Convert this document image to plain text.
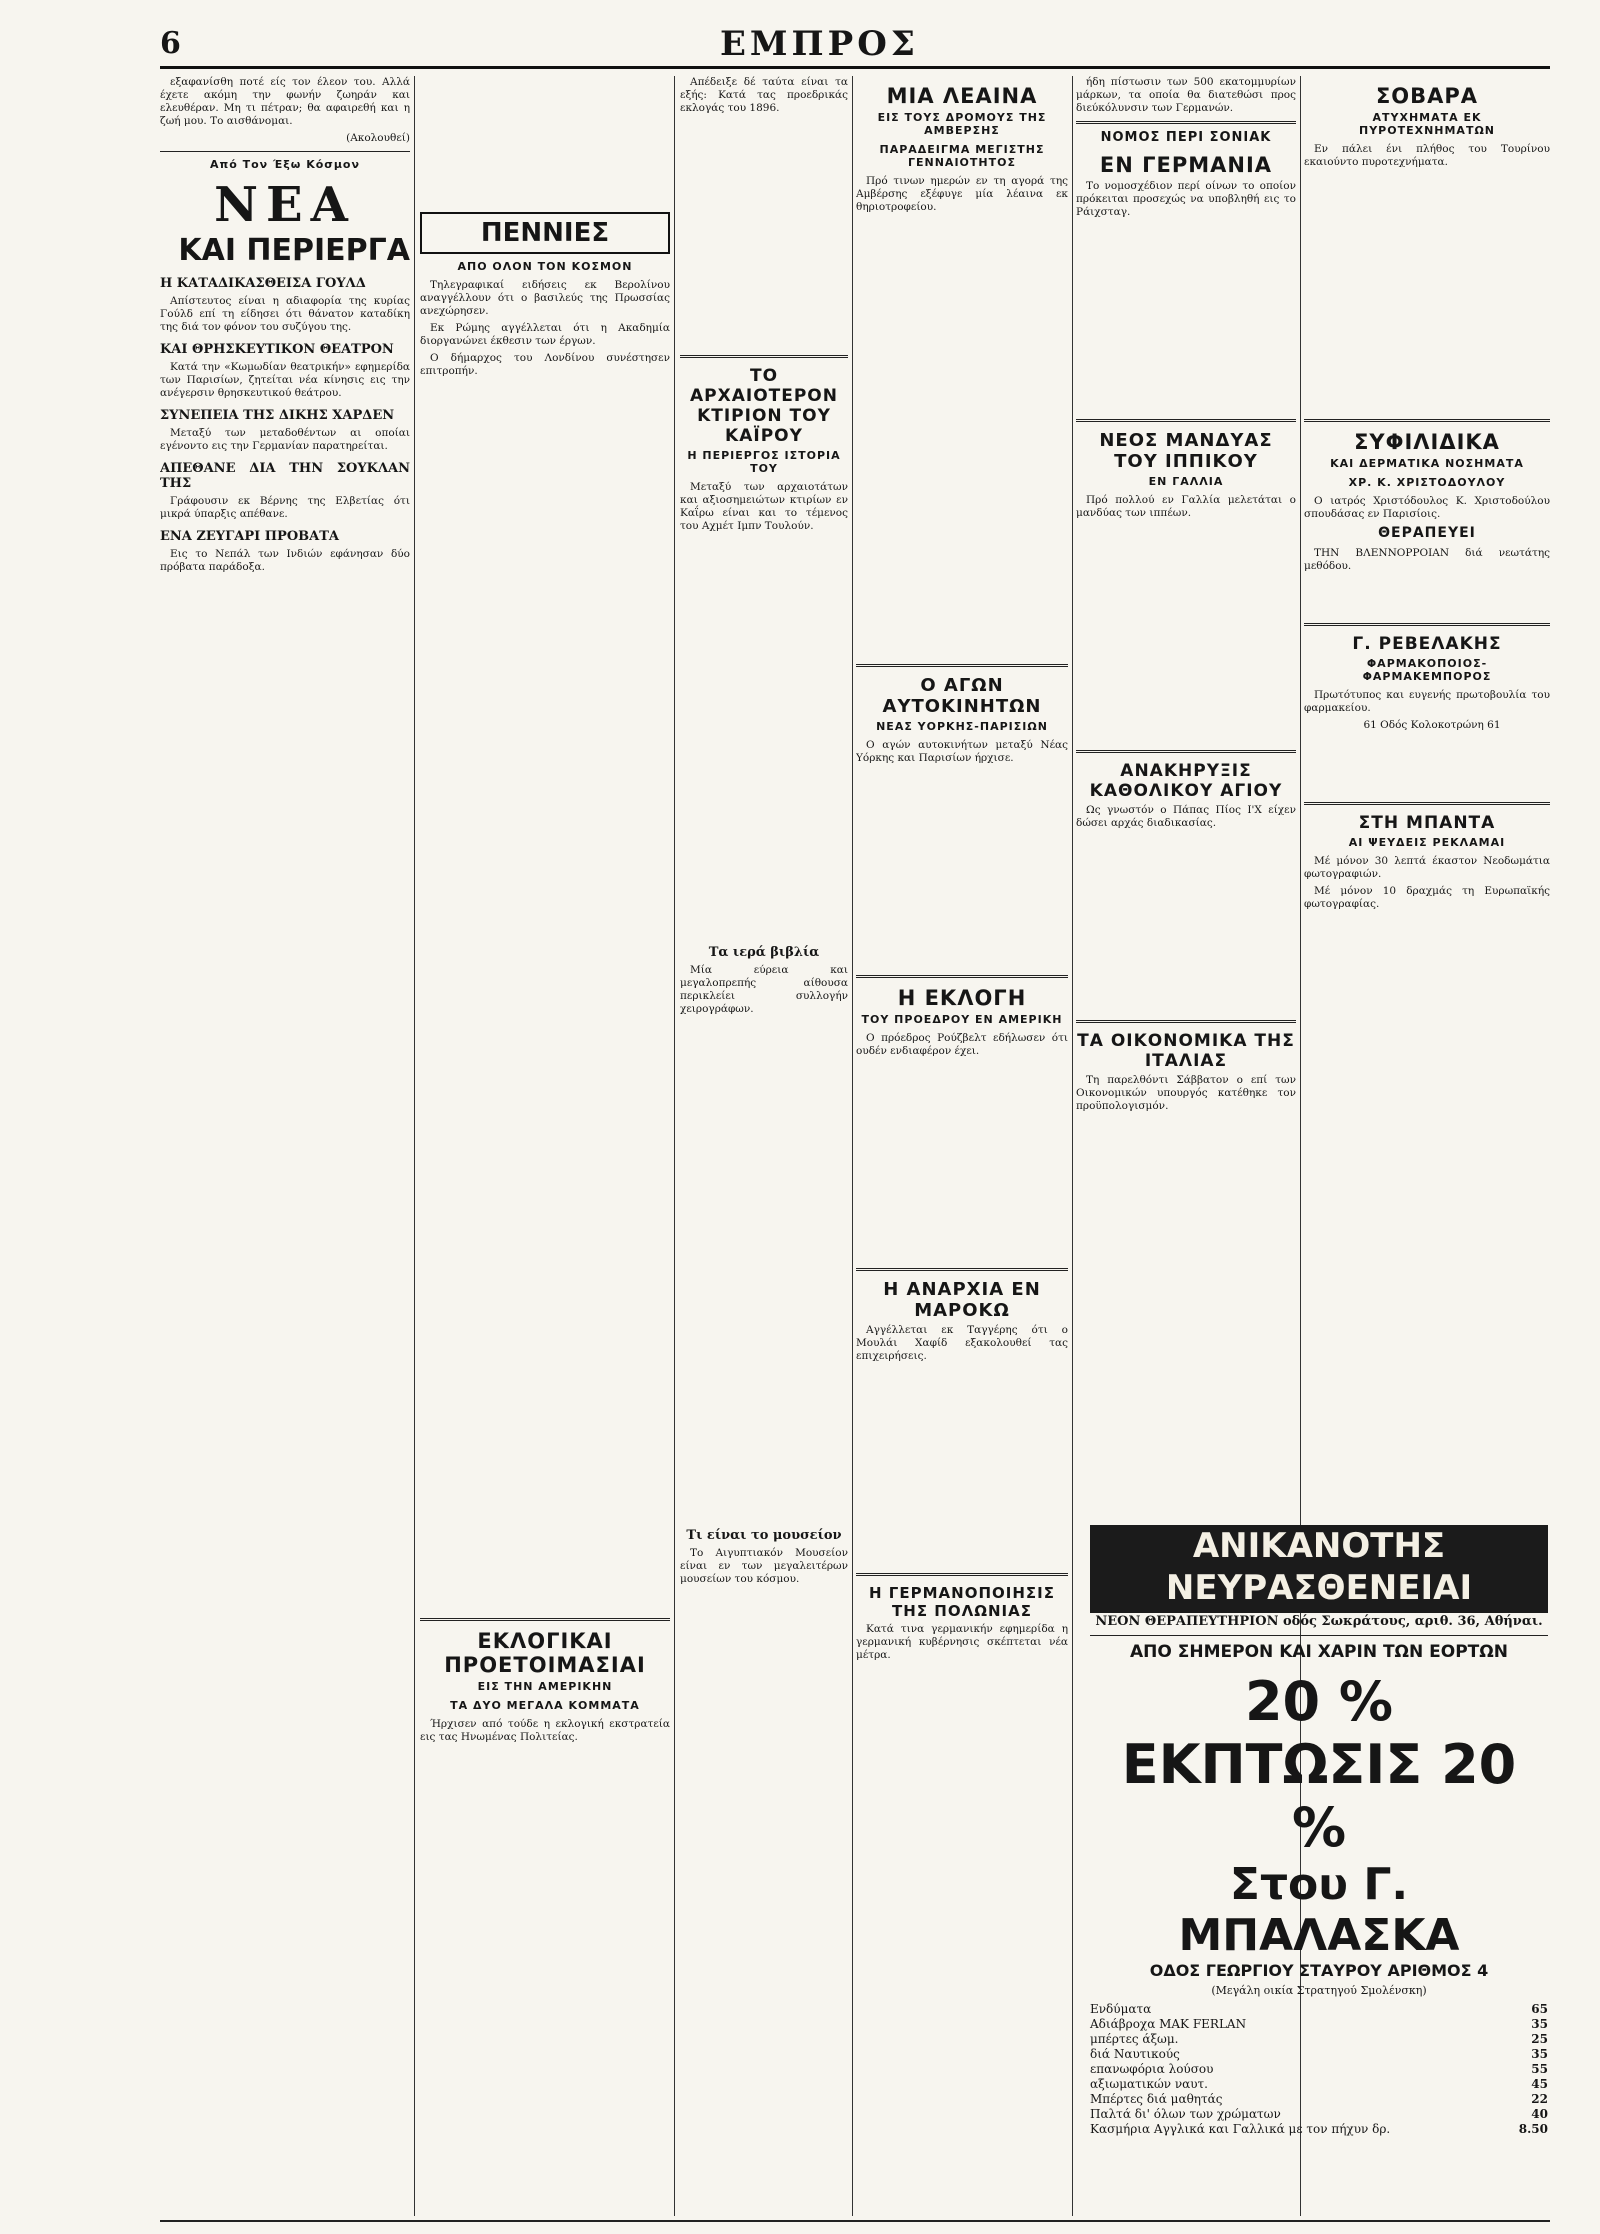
6	ΕΜΠΡΟΣ

εξαφανίσθη ποτέ είς τον έλεον του. Αλλά έχετε ακόμη την φωνήν ζωηράν και ελευθέραν. Μη τι πέτραν; θα αφαιρεθή και η ζωή μου. Το αισθάνομαι.

(Ακολουθεί)

Από Τον Έξω Κόσμον
ΝΕΑ
ΚΑΙ ΠΕΡΙΕΡΓΑ

Η ΚΑΤΑΔΙΚΑΣΘΕΙΣΑ ΓΟΥΛΔ

Απίστευτος είναι η αδιαφορία της κυρίας Γούλδ επί τη είδησει ότι θάνατον καταδίκη της διά τον φόνον του συζύγου της.

ΚΑΙ ΘΡΗΣΚΕΥΤΙΚΟΝ ΘΕΑΤΡΟΝ

Κατά την «Κωμωδίαν θεατρικήν» εφημερίδα των Παρισίων, ζητείται νέα κίνησις εις την ανέγερσιν θρησκευτικού θεάτρου.

ΣΥΝΕΠΕΙΑ ΤΗΣ ΔΙΚΗΣ ΧΑΡΔΕΝ

Μεταξύ των μεταδοθέντων αι οποίαι εγένοντο εις την Γερμανίαν παρατηρείται.

ΑΠΕΘΑΝΕ ΔΙΑ ΤΗΝ ΣΟΥΚΛΑΝ ΤΗΣ

Γράφουσιν εκ Βέρνης της Ελβετίας ότι μικρά ύπαρξις απέθανε.

ΕΝΑ ΖΕΥΓΑΡΙ ΠΡΟΒΑΤΑ

Εις το Νεπάλ των Ινδιών εφάνησαν δύο πρόβατα παράδοξα.

ΠΕΝΝΙΕΣ
ΑΠΟ ΟΛΟΝ ΤΟΝ ΚΟΣΜΟΝ

Τηλεγραφικαί ειδήσεις εκ Βερολίνου αναγγέλλουν ότι ο βασιλεύς της Πρωσσίας ανεχώρησεν.

Εκ Ρώμης αγγέλλεται ότι η Ακαδημία διοργανώνει έκθεσιν των έργων.

Ο δήμαρχος του Λονδίνου συνέστησεν επιτροπήν.

ΕΚΛΟΓΙΚΑΙ ΠΡΟΕΤΟΙΜΑΣΙΑΙ
ΕΙΣ ΤΗΝ ΑΜΕΡΙΚΗΝ
ΤΑ ΔΥΟ ΜΕΓΑΛΑ ΚΟΜΜΑΤΑ

Ήρχισεν από τούδε η εκλογική εκστρατεία εις τας Ηνωμένας Πολιτείας.

Απέδειξε δέ ταύτα είναι τα εξής: Κατά τας προεδρικάς εκλογάς του 1896.

ΤΟ ΑΡΧΑΙΟΤΕΡΟΝ ΚΤΙΡΙΟΝ ΤΟΥ ΚΑΪΡΟΥ
Η ΠΕΡΙΕΡΓΟΣ ΙΣΤΟΡΙΑ ΤΟΥ

Μεταξύ των αρχαιοτάτων και αξιοσημειώτων κτιρίων εν Καΐρω είναι και το τέμενος του Αχμέτ Ιμπν Τουλούν.

Τα ιερά βιβλία

Μία εύρεια και μεγαλοπρεπής αίθουσα περικλείει συλλογήν χειρογράφων.

Τι είναι το μουσείον

Το Αιγυπτιακόν Μουσείον είναι εν των μεγαλειτέρων μουσείων του κόσμου.

ΜΙΑ ΛΕΑΙΝΑ
ΕΙΣ ΤΟΥΣ ΔΡΟΜΟΥΣ ΤΗΣ ΑΜΒΕΡΣΗΣ
ΠΑΡΑΔΕΙΓΜΑ ΜΕΓΙΣΤΗΣ ΓΕΝΝΑΙΟΤΗΤΟΣ

Πρό τινων ημερών εν τη αγορά της Αμβέρσης εξέφυγε μία λέαινα εκ θηριοτροφείου.

Ο ΑΓΩΝ ΑΥΤΟΚΙΝΗΤΩΝ
ΝΕΑΣ ΥΟΡΚΗΣ-ΠΑΡΙΣΙΩΝ

Ο αγών αυτοκινήτων μεταξύ Νέας Υόρκης και Παρισίων ήρχισε.

Η ΕΚΛΟΓΗ
ΤΟΥ ΠΡΟΕΔΡΟΥ ΕΝ ΑΜΕΡΙΚΗ

Ο πρόεδρος Ρούζβελτ εδήλωσεν ότι ουδέν ενδιαφέρον έχει.

Η ΑΝΑΡΧΙΑ ΕΝ ΜΑΡΟΚΩ

Αγγέλλεται εκ Ταγγέρης ότι ο Μουλάι Χαφίδ εξακολουθεί τας επιχειρήσεις.

Η ΓΕΡΜΑΝΟΠΟΙΗΣΙΣ ΤΗΣ ΠΟΛΩΝΙΑΣ

Κατά τινα γερμανικήν εφημερίδα η γερμανική κυβέρνησις σκέπτεται νέα μέτρα.

ήδη πίστωσιν των 500 εκατομμυρίων μάρκων, τα οποία θα διατεθώσι προς διεύκόλυνσιν των Γερμανών.

ΝΟΜΟΣ ΠΕΡΙ ΣΟΝΙΑΚ
ΕΝ ΓΕΡΜΑΝΙΑ

Το νομοσχέδιον περί οίνων το οποίον πρόκειται προσεχώς να υποβληθή εις το Ράιχσταγ.

ΝΕΟΣ ΜΑΝΔΥΑΣ ΤΟΥ ΙΠΠΙΚΟΥ
ΕΝ ΓΑΛΛΙΑ

Πρό πολλού εν Γαλλία μελετάται ο μανδύας των ιππέων.

ΑΝΑΚΗΡΥΞΙΣ ΚΑΘΟΛΙΚΟΥ ΑΓΙΟΥ

Ως γνωστόν ο Πάπας Πίος Ι'Χ είχεν δώσει αρχάς διαδικασίας.

ΤΑ ΟΙΚΟΝΟΜΙΚΑ ΤΗΣ ΙΤΑΛΙΑΣ

Τη παρελθόντι Σάββατον ο επί των Οικονομικών υπουργός κατέθηκε τον προϋπολογισμόν.

ΣΟΒΑΡΑ
ΑΤΥΧΗΜΑΤΑ ΕΚ ΠΥΡΟΤΕΧΝΗΜΑΤΩΝ

Εν πάλει ένι πλήθος του Τουρίνου εκαιούντο πυροτεχνήματα.

ΣΥΦΙΛΙΔΙΚΑ
ΚΑΙ ΔΕΡΜΑΤΙΚΑ ΝΟΣΗΜΑΤΑ
ΧΡ. Κ. ΧΡΙΣΤΟΔΟΥΛΟΥ

Ο ιατρός Χριστόδουλος Κ. Χριστοδούλου σπουδάσας εν Παρισίοις.

ΘΕΡΑΠΕΥΕΙ

ΤΗΝ ΒΛΕΝΝΟΡΡΟΙΑΝ διά νεωτάτης μεθόδου.

Γ. ΡΕΒΕΛΑΚΗΣ
ΦΑΡΜΑΚΟΠΟΙΟΣ-ΦΑΡΜΑΚΕΜΠΟΡΟΣ

Πρωτότυπος και ευγενής πρωτοβουλία του φαρμακείου.

61 Οδός Κολοκοτρώνη 61

ΣΤΗ ΜΠΑΝΤΑ
ΑΙ ΨΕΥΔΕΙΣ ΡΕΚΛΑΜΑΙ

Μέ μόνον 30 λεπτά έκαστον Νεοδωμάτια φωτογραφιών.

Μέ μόνον 10 δραχμάς τη Ευρωπαϊκής φωτογραφίας.

ΑΝΙΚΑΝΟΤΗΣ
ΝΕΥΡΑΣΘΕΝΕΙΑΙ
ΝΕΟΝ ΘΕΡΑΠΕΥΤΗΡΙΟΝ οδός Σωκράτους, αριθ. 36, Αθήναι.
ΑΠΟ ΣΗΜΕΡΟΝ ΚΑΙ ΧΑΡΙΝ ΤΩΝ ΕΟΡΤΩΝ
20 % ΕΚΠΤΩΣΙΣ 20 %
Στου Γ. ΜΠΑΛΑΣΚΑ
ΟΔΟΣ ΓΕΩΡΓΙΟΥ ΣΤΑΥΡΟΥ ΑΡΙΘΜΟΣ 4
(Μεγάλη οικία Στρατηγού Σμολένσκη)
Ενδύματα	65
Αδιάβροχα ΜΑΚ FERLAN	35
μπέρτες άξωμ.	25
διά Ναυτικούς	35
επανωφόρια λούσου	55
αξιωματικών ναυτ.	45
Μπέρτες διά μαθητάς	22
Παλτά δι' όλων των χρώματων	40
Κασμήρια Αγγλικά και Γαλλικά με τον πήχυν δρ.	8.50
